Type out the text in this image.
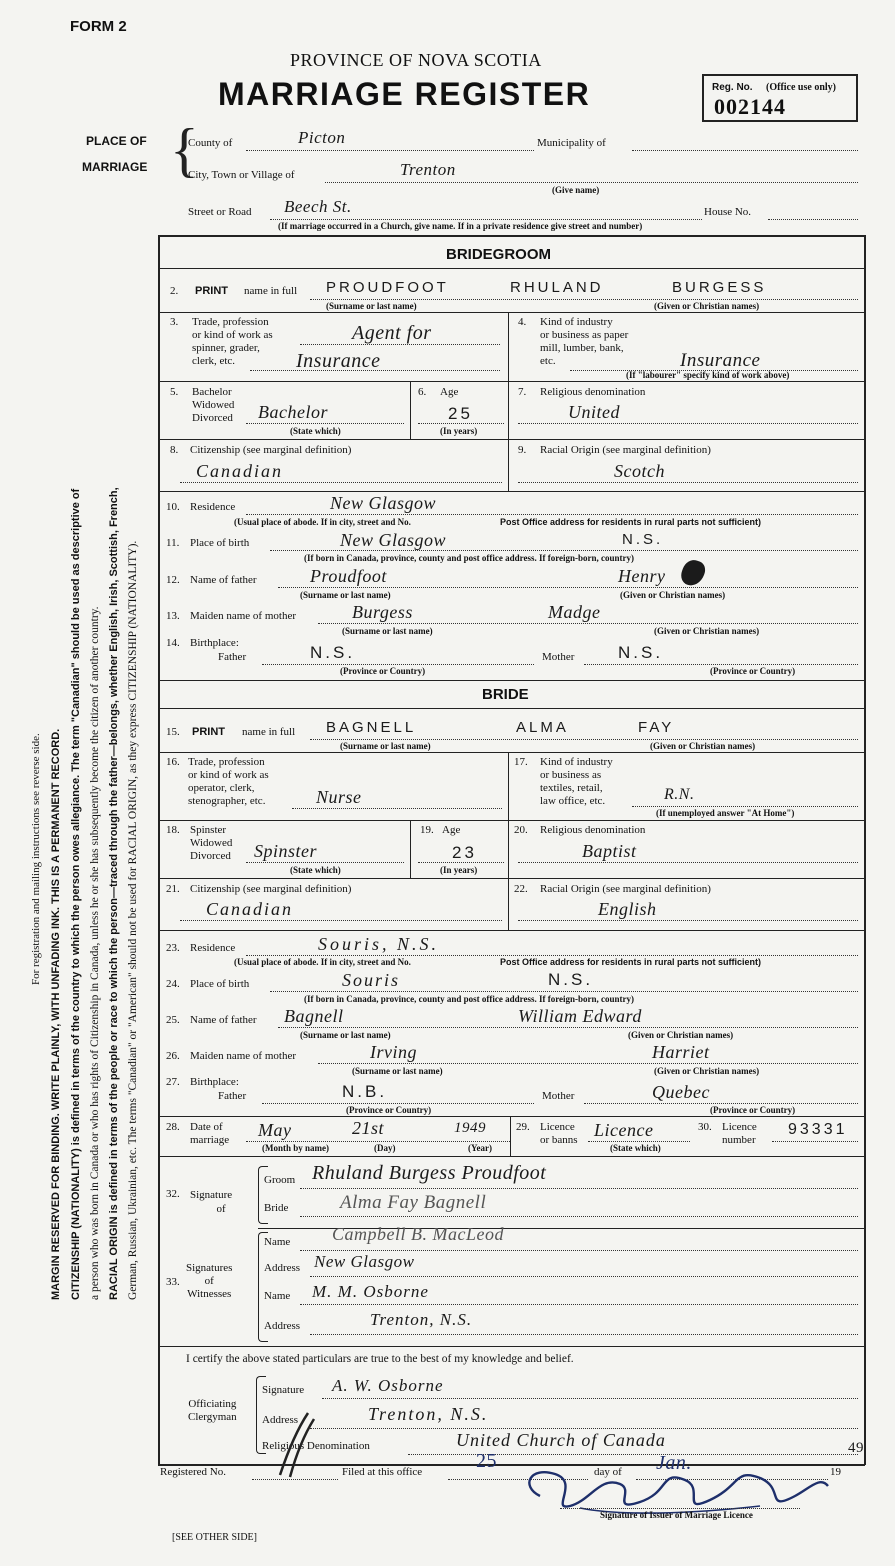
FORM 2
PROVINCE OF NOVA SCOTIA
MARRIAGE REGISTER	Reg. No. (Office use only)
002144
For registration and mailing instructions see reverse side. MARGIN RESERVED FOR BINDING. WRITE PLAINLY, WITH UNFADING INK. THIS IS A PERMANENT RECORD. CITIZENSHIP (NATIONALITY) is defined in terms of the country to which the person owes allegiance. The term "Canadian" should be used as descriptive of a person who was born in Canada or who has rights of Citizenship in Canada, unless he or she has subsequently become the citizen of another country. RACIAL ORIGIN is defined in terms of the people or race to which the person—traced through the father—belongs, whether English, Irish, Scottish, French, German, Russian, Ukrainian, etc. The terms "Canadian" or "American" should not be used for RACIAL ORIGIN, as they express CITIZENSHIP (NATIONALITY).
PLACE OF
MARRIAGE {
County of	Picton	Municipality of
City, Town or Village of	Trenton
(Give name)
Street or Road Beech St.	House No.
(If marriage occurred in a Church, give name. If in a private residence give street and number)
BRIDEGROOM
2. PRINT name in full PROUDFOOT	RHULAND	BURGESS
(Surname or last name)	(Given or Christian names)
3. Trade, profession
or kind of work as
spinner, grader,
clerk, etc.
Agent for
Insurance
4. Kind of industry
or business as paper
mill, lumber, bank,
etc.	Insurance
(If "labourer" specify kind of work above)
5. Bachelor
Widowed
Divorced Bachelor
(State which)
6. Age
25
(In years)
7. Religious denomination
United
8. Citizenship (see marginal definition)
Canadian
9. Racial Origin (see marginal definition)
Scotch
10. Residence	New Glasgow
(Usual place of abode. If in city, street and No.	Post Office address for residents in rural parts not sufficient)
11. Place of birth	New Glasgow	N.S.
(If born in Canada, province, county and post office address. If foreign-born, country)
12. Name of father	Proudfoot	Henry
(Surname or last name)	(Given or Christian names)
13. Maiden name of mother	Burgess	Madge
(Surname or last name)	(Given or Christian names)
14. Birthplace:
Father	N.S.	Mother	N.S.
(Province or Country)	(Province or Country)
BRIDE
15. PRINT name in full BAGNELL	ALMA	FAY
(Surname or last name)	(Given or Christian names)
16. Trade, profession
or kind of work as
operator, clerk,
stenographer, etc.	Nurse
17. Kind of industry
or business as
textiles, retail,
law office, etc.	R.N.
(If unemployed answer "At Home")
18. Spinster
Widowed
Divorced Spinster
(State which)
19. Age
23
(In years)
20. Religious denomination
Baptist
21. Citizenship (see marginal definition)
Canadian
22. Racial Origin (see marginal definition)
English
23. Residence	Souris, N.S.
(Usual place of abode. If in city, street and No.	Post Office address for residents in rural parts not sufficient)
24. Place of birth	Souris	N.S.
(If born in Canada, province, county and post office address. If foreign-born, country)
25. Name of father Bagnell	William Edward
(Surname or last name)	(Given or Christian names)
26. Maiden name of mother	Irving	Harriet
(Surname or last name)	(Given or Christian names)
27. Birthplace:
Father	N.B.	Mother	Quebec
(Province or Country)	(Province or Country)
28. Date of
marriage May	21st	1949
(Month by name)	(Day)	(Year)
29. Licence
or banns Licence
(State which)
30. Licence
number
93331
32. Signature
of
Groom Rhuland Burgess Proudfoot
Bride	Alma Fay Bagnell
33.
Signatures
of
Witnesses
Name Campbell B. MacLeod
Address New Glasgow
Name M. M. Osborne
Address	Trenton, N.S.
I certify the above stated particulars are true to the best of my knowledge and belief.
Officiating
Clergyman
Signature A. W. Osborne
Address	Trenton, N.S.
Religious Denomination	United Church of Canada
Registered No.	Filed at this office	25	day of Jan.	19
49
Signature of Issuer of Marriage Licence
[SEE OTHER SIDE]
